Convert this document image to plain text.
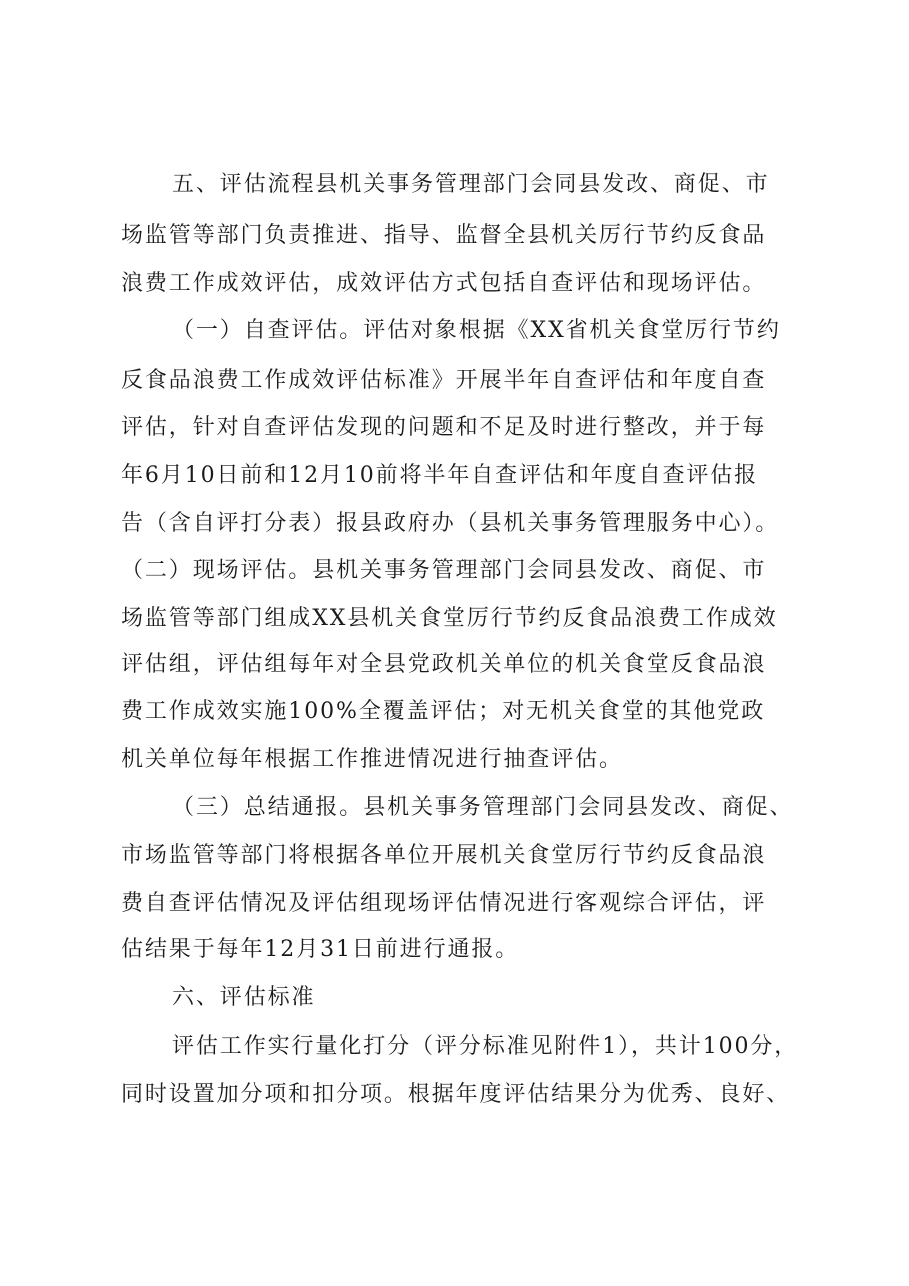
五、评估流程县机关事务管理部门会同县发改、商促、市
场监管等部门负责推进、指导、监督全县机关厉行节约反食品
浪费工作成效评估，成效评估方式包括自查评估和现场评估。
（一）自查评估。评估对象根据《XX省机关食堂厉行节约
反食品浪费工作成效评估标准》开展半年自查评估和年度自查
评估，针对自查评估发现的问题和不足及时进行整改，并于每
年6月10日前和12月10前将半年自查评估和年度自查评估报
告（含自评打分表）报县政府办（县机关事务管理服务中心）。
（二）现场评估。县机关事务管理部门会同县发改、商促、市
场监管等部门组成XX县机关食堂厉行节约反食品浪费工作成效
评估组，评估组每年对全县党政机关单位的机关食堂反食品浪
费工作成效实施100%全覆盖评估；对无机关食堂的其他党政
机关单位每年根据工作推进情况进行抽查评估。
（三）总结通报。县机关事务管理部门会同县发改、商促、
市场监管等部门将根据各单位开展机关食堂厉行节约反食品浪
费自查评估情况及评估组现场评估情况进行客观综合评估，评
估结果于每年12月31日前进行通报。
六、评估标准
评估工作实行量化打分（评分标准见附件1），共计100分，
同时设置加分项和扣分项。根据年度评估结果分为优秀、良好、
